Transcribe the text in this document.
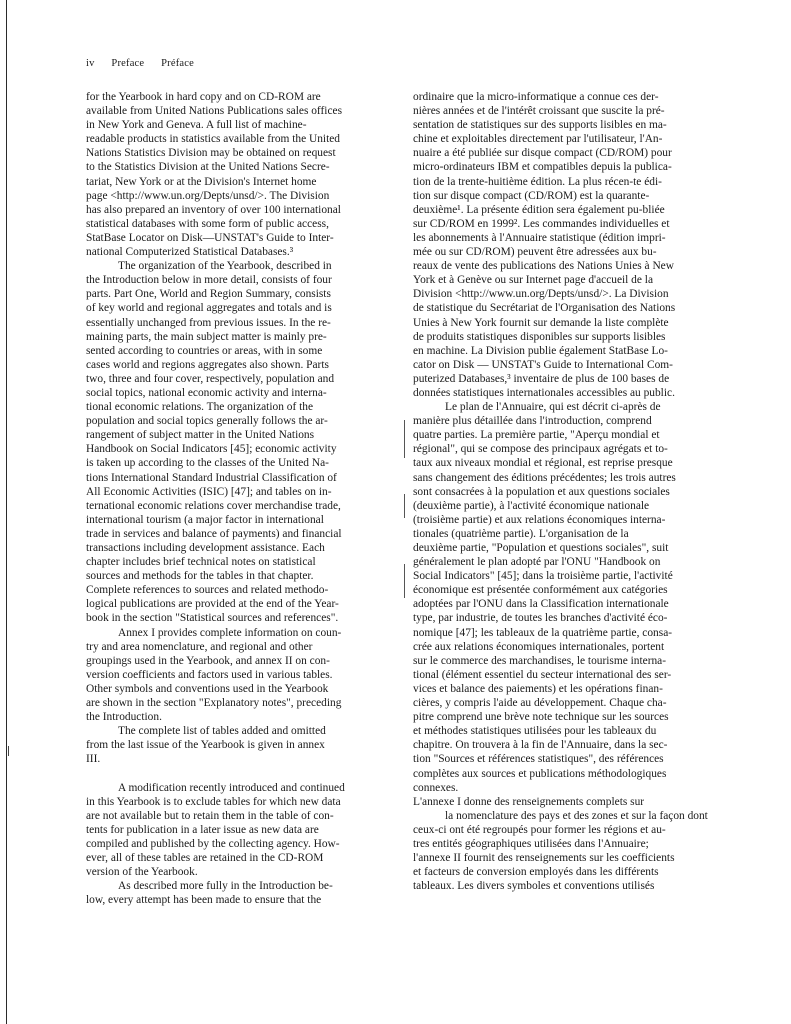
iv Preface Préface
for the Yearbook in hard copy and on CD-ROM are
available from United Nations Publications sales offices
in New York and Geneva. A full list of machine-
readable products in statistics available from the United
Nations Statistics Division may be obtained on request
to the Statistics Division at the United Nations Secre-
tariat, New York or at the Division's Internet home
page <http://www.un.org/Depts/unsd/>. The Division
has also prepared an inventory of over 100 international
statistical databases with some form of public access,
StatBase Locator on Disk—UNSTAT's Guide to Inter-
national Computerized Statistical Databases.³
The organization of the Yearbook, described in
the Introduction below in more detail, consists of four
parts. Part One, World and Region Summary, consists
of key world and regional aggregates and totals and is
essentially unchanged from previous issues. In the re-
maining parts, the main subject matter is mainly pre-
sented according to countries or areas, with in some
cases world and regions aggregates also shown. Parts
two, three and four cover, respectively, population and
social topics, national economic activity and interna-
tional economic relations. The organization of the
population and social topics generally follows the ar-
rangement of subject matter in the United Nations
Handbook on Social Indicators [45]; economic activity
is taken up according to the classes of the United Na-
tions International Standard Industrial Classification of
All Economic Activities (ISIC) [47]; and tables on in-
ternational economic relations cover merchandise trade,
international tourism (a major factor in international
trade in services and balance of payments) and financial
transactions including development assistance. Each
chapter includes brief technical notes on statistical
sources and methods for the tables in that chapter.
Complete references to sources and related methodo-
logical publications are provided at the end of the Year-
book in the section "Statistical sources and references".
Annex I provides complete information on coun-
try and area nomenclature, and regional and other
groupings used in the Yearbook, and annex II on con-
version coefficients and factors used in various tables.
Other symbols and conventions used in the Yearbook
are shown in the section "Explanatory notes", preceding
the Introduction.
The complete list of tables added and omitted
from the last issue of the Yearbook is given in annex
III.
A modification recently introduced and continued
in this Yearbook is to exclude tables for which new data
are not available but to retain them in the table of con-
tents for publication in a later issue as new data are
compiled and published by the collecting agency. How-
ever, all of these tables are retained in the CD-ROM
version of the Yearbook.
As described more fully in the Introduction be-
low, every attempt has been made to ensure that the
ordinaire que la micro-informatique a connue ces der-
nières années et de l'intérêt croissant que suscite la pré-
sentation de statistiques sur des supports lisibles en ma-
chine et exploitables directement par l'utilisateur, l'An-
nuaire a été publiée sur disque compact (CD/ROM) pour
micro-ordinateurs IBM et compatibles depuis la publica-
tion de la trente-huitième édition. La plus récen-te édi-
tion sur disque compact (CD/ROM) est la quarante-
deuxième¹. La présente édition sera également pu-bliée
sur CD/ROM en 1999². Les commandes individuelles et
les abonnements à l'Annuaire statistique (édition impri-
mée ou sur CD/ROM) peuvent être adressées aux bu-
reaux de vente des publications des Nations Unies à New
York et à Genève ou sur Internet page d'accueil de la
Division <http://www.un.org/Depts/unsd/>. La Division
de statistique du Secrétariat de l'Organisation des Nations
Unies à New York fournit sur demande la liste complète
de produits statistiques disponibles sur supports lisibles
en machine. La Division publie également StatBase Lo-
cator on Disk — UNSTAT's Guide to International Com-
puterized Databases,³ inventaire de plus de 100 bases de
données statistiques internationales accessibles au public.
Le plan de l'Annuaire, qui est décrit ci-après de
manière plus détaillée dans l'introduction, comprend
quatre parties. La première partie, "Aperçu mondial et
régional", qui se compose des principaux agrégats et to-
taux aux niveaux mondial et régional, est reprise presque
sans changement des éditions précédentes; les trois autres
sont consacrées à la population et aux questions sociales
(deuxième partie), à l'activité économique nationale
(troisième partie) et aux relations économiques interna-
tionales (quatrième partie). L'organisation de la
deuxième partie, "Population et questions sociales", suit
généralement le plan adopté par l'ONU "Handbook on
Social Indicators" [45]; dans la troisième partie, l'activité
économique est présentée conformément aux catégories
adoptées par l'ONU dans la Classification internationale
type, par industrie, de toutes les branches d'activité éco-
nomique [47]; les tableaux de la quatrième partie, consa-
crée aux relations économiques internationales, portent
sur le commerce des marchandises, le tourisme interna-
tional (élément essentiel du secteur international des ser-
vices et balance des paiements) et les opérations finan-
cières, y compris l'aide au développement. Chaque cha-
pitre comprend une brève note technique sur les sources
et méthodes statistiques utilisées pour les tableaux du
chapitre. On trouvera à la fin de l'Annuaire, dans la sec-
tion "Sources et références statistiques", des références
complètes aux sources et publications méthodologiques
connexes.
L'annexe I donne des renseignements complets sur
la nomenclature des pays et des zones et sur la façon dont
ceux-ci ont été regroupés pour former les régions et au-
tres entités géographiques utilisées dans l'Annuaire;
l'annexe II fournit des renseignements sur les coefficients
et facteurs de conversion employés dans les différents
tableaux. Les divers symboles et conventions utilisés
